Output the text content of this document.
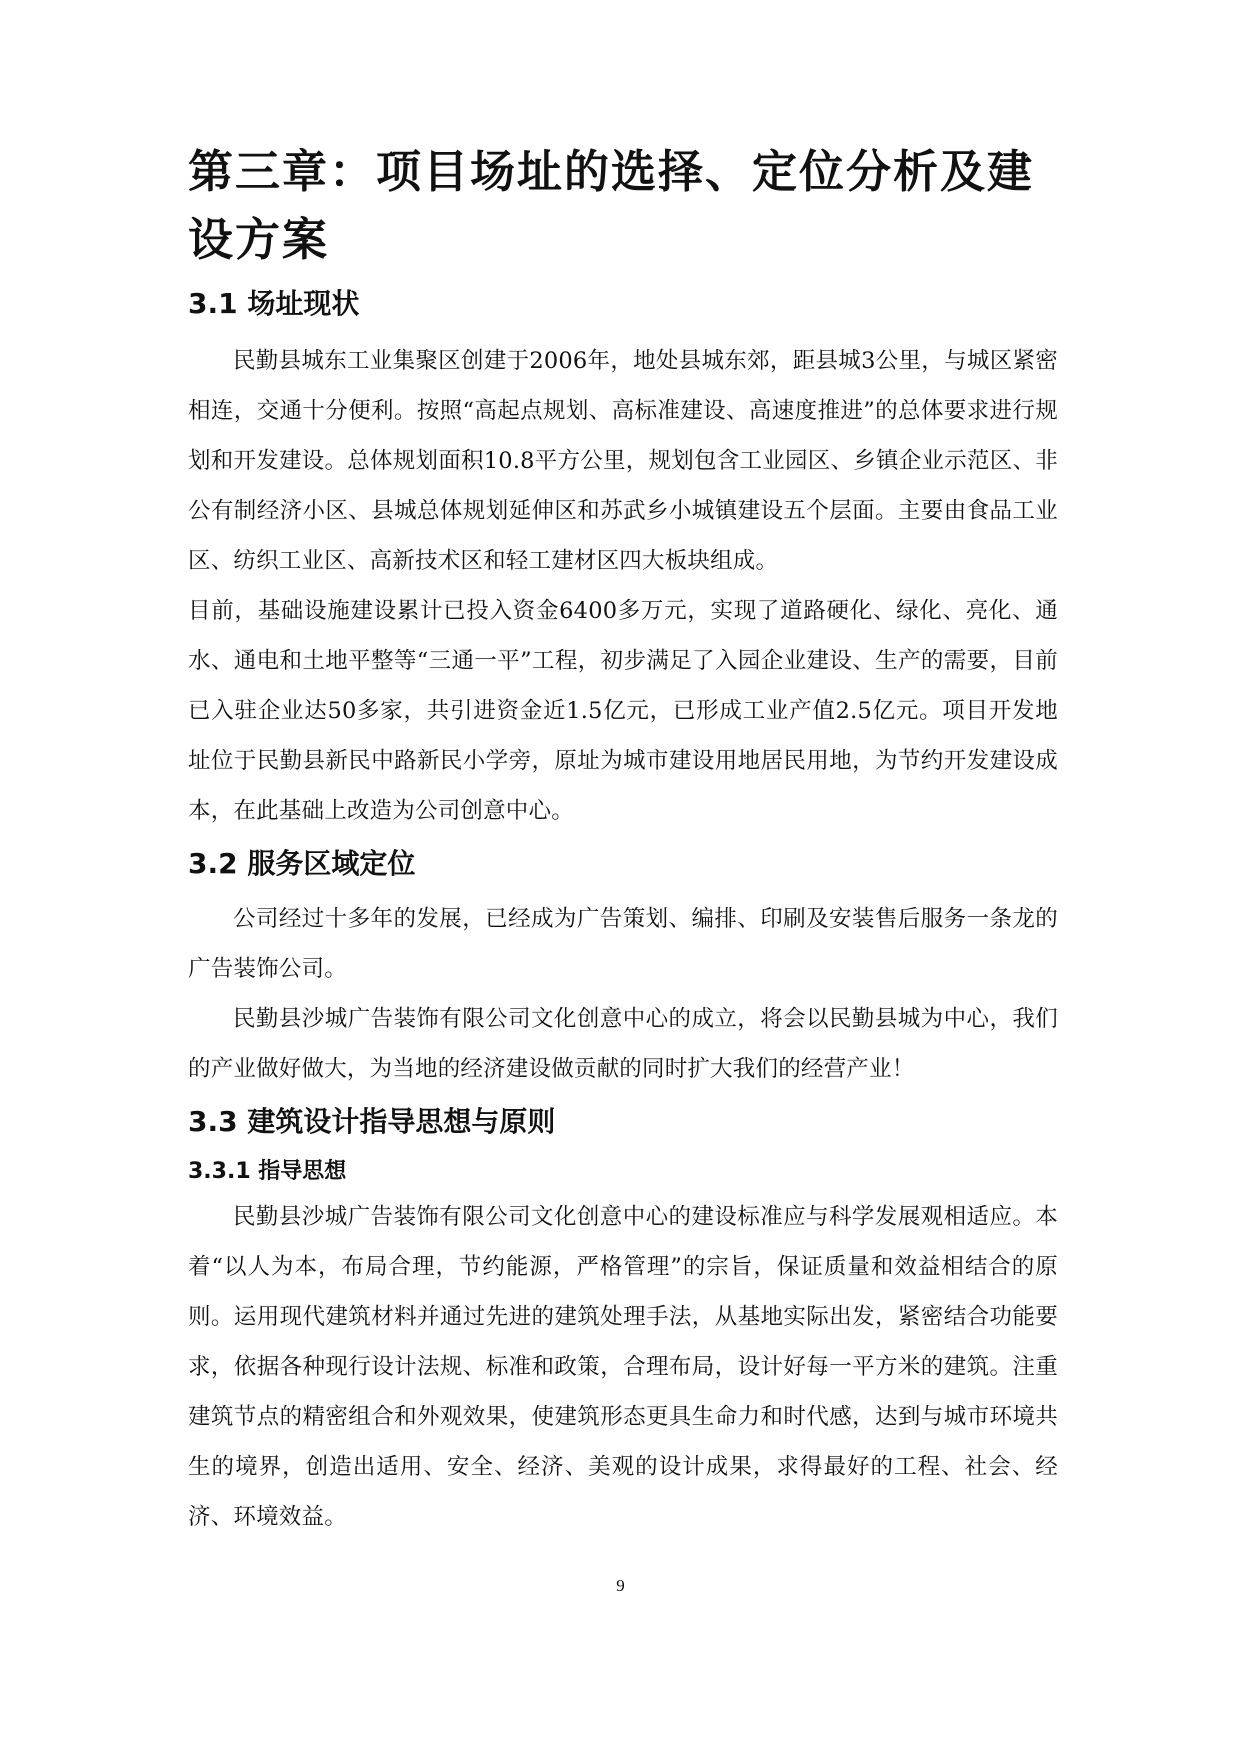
第三章：项目场址的选择、定位分析及建设方案
3.1 场址现状

民勤县城东工业集聚区创建于2006年，地处县城东郊，距县城3公里，与城区紧密相连，交通十分便利。按照“高起点规划、高标准建设、高速度推进”的总体要求进行规划和开发建设。总体规划面积10.8平方公里，规划包含工业园区、乡镇企业示范区、非公有制经济小区、县城总体规划延伸区和苏武乡小城镇建设五个层面。主要由食品工业区、纺织工业区、高新技术区和轻工建材区四大板块组成。

目前，基础设施建设累计已投入资金6400多万元，实现了道路硬化、绿化、亮化、通水、通电和土地平整等“三通一平”工程，初步满足了入园企业建设、生产的需要，目前已入驻企业达50多家，共引进资金近1.5亿元，已形成工业产值2.5亿元。项目开发地址位于民勤县新民中路新民小学旁，原址为城市建设用地居民用地，为节约开发建设成本，在此基础上改造为公司创意中心。

3.2 服务区域定位

公司经过十多年的发展，已经成为广告策划、编排、印刷及安装售后服务一条龙的广告装饰公司。

民勤县沙城广告装饰有限公司文化创意中心的成立，将会以民勤县城为中心，我们的产业做好做大，为当地的经济建设做贡献的同时扩大我们的经营产业！

3.3 建筑设计指导思想与原则
3.3.1 指导思想

民勤县沙城广告装饰有限公司文化创意中心的建设标准应与科学发展观相适应。本着“以人为本，布局合理，节约能源，严格管理”的宗旨，保证质量和效益相结合的原则。运用现代建筑材料并通过先进的建筑处理手法，从基地实际出发，紧密结合功能要求，依据各种现行设计法规、标准和政策，合理布局，设计好每一平方米的建筑。注重建筑节点的精密组合和外观效果，使建筑形态更具生命力和时代感，达到与城市环境共生的境界，创造出适用、安全、经济、美观的设计成果，求得最好的工程、社会、经济、环境效益。

9
